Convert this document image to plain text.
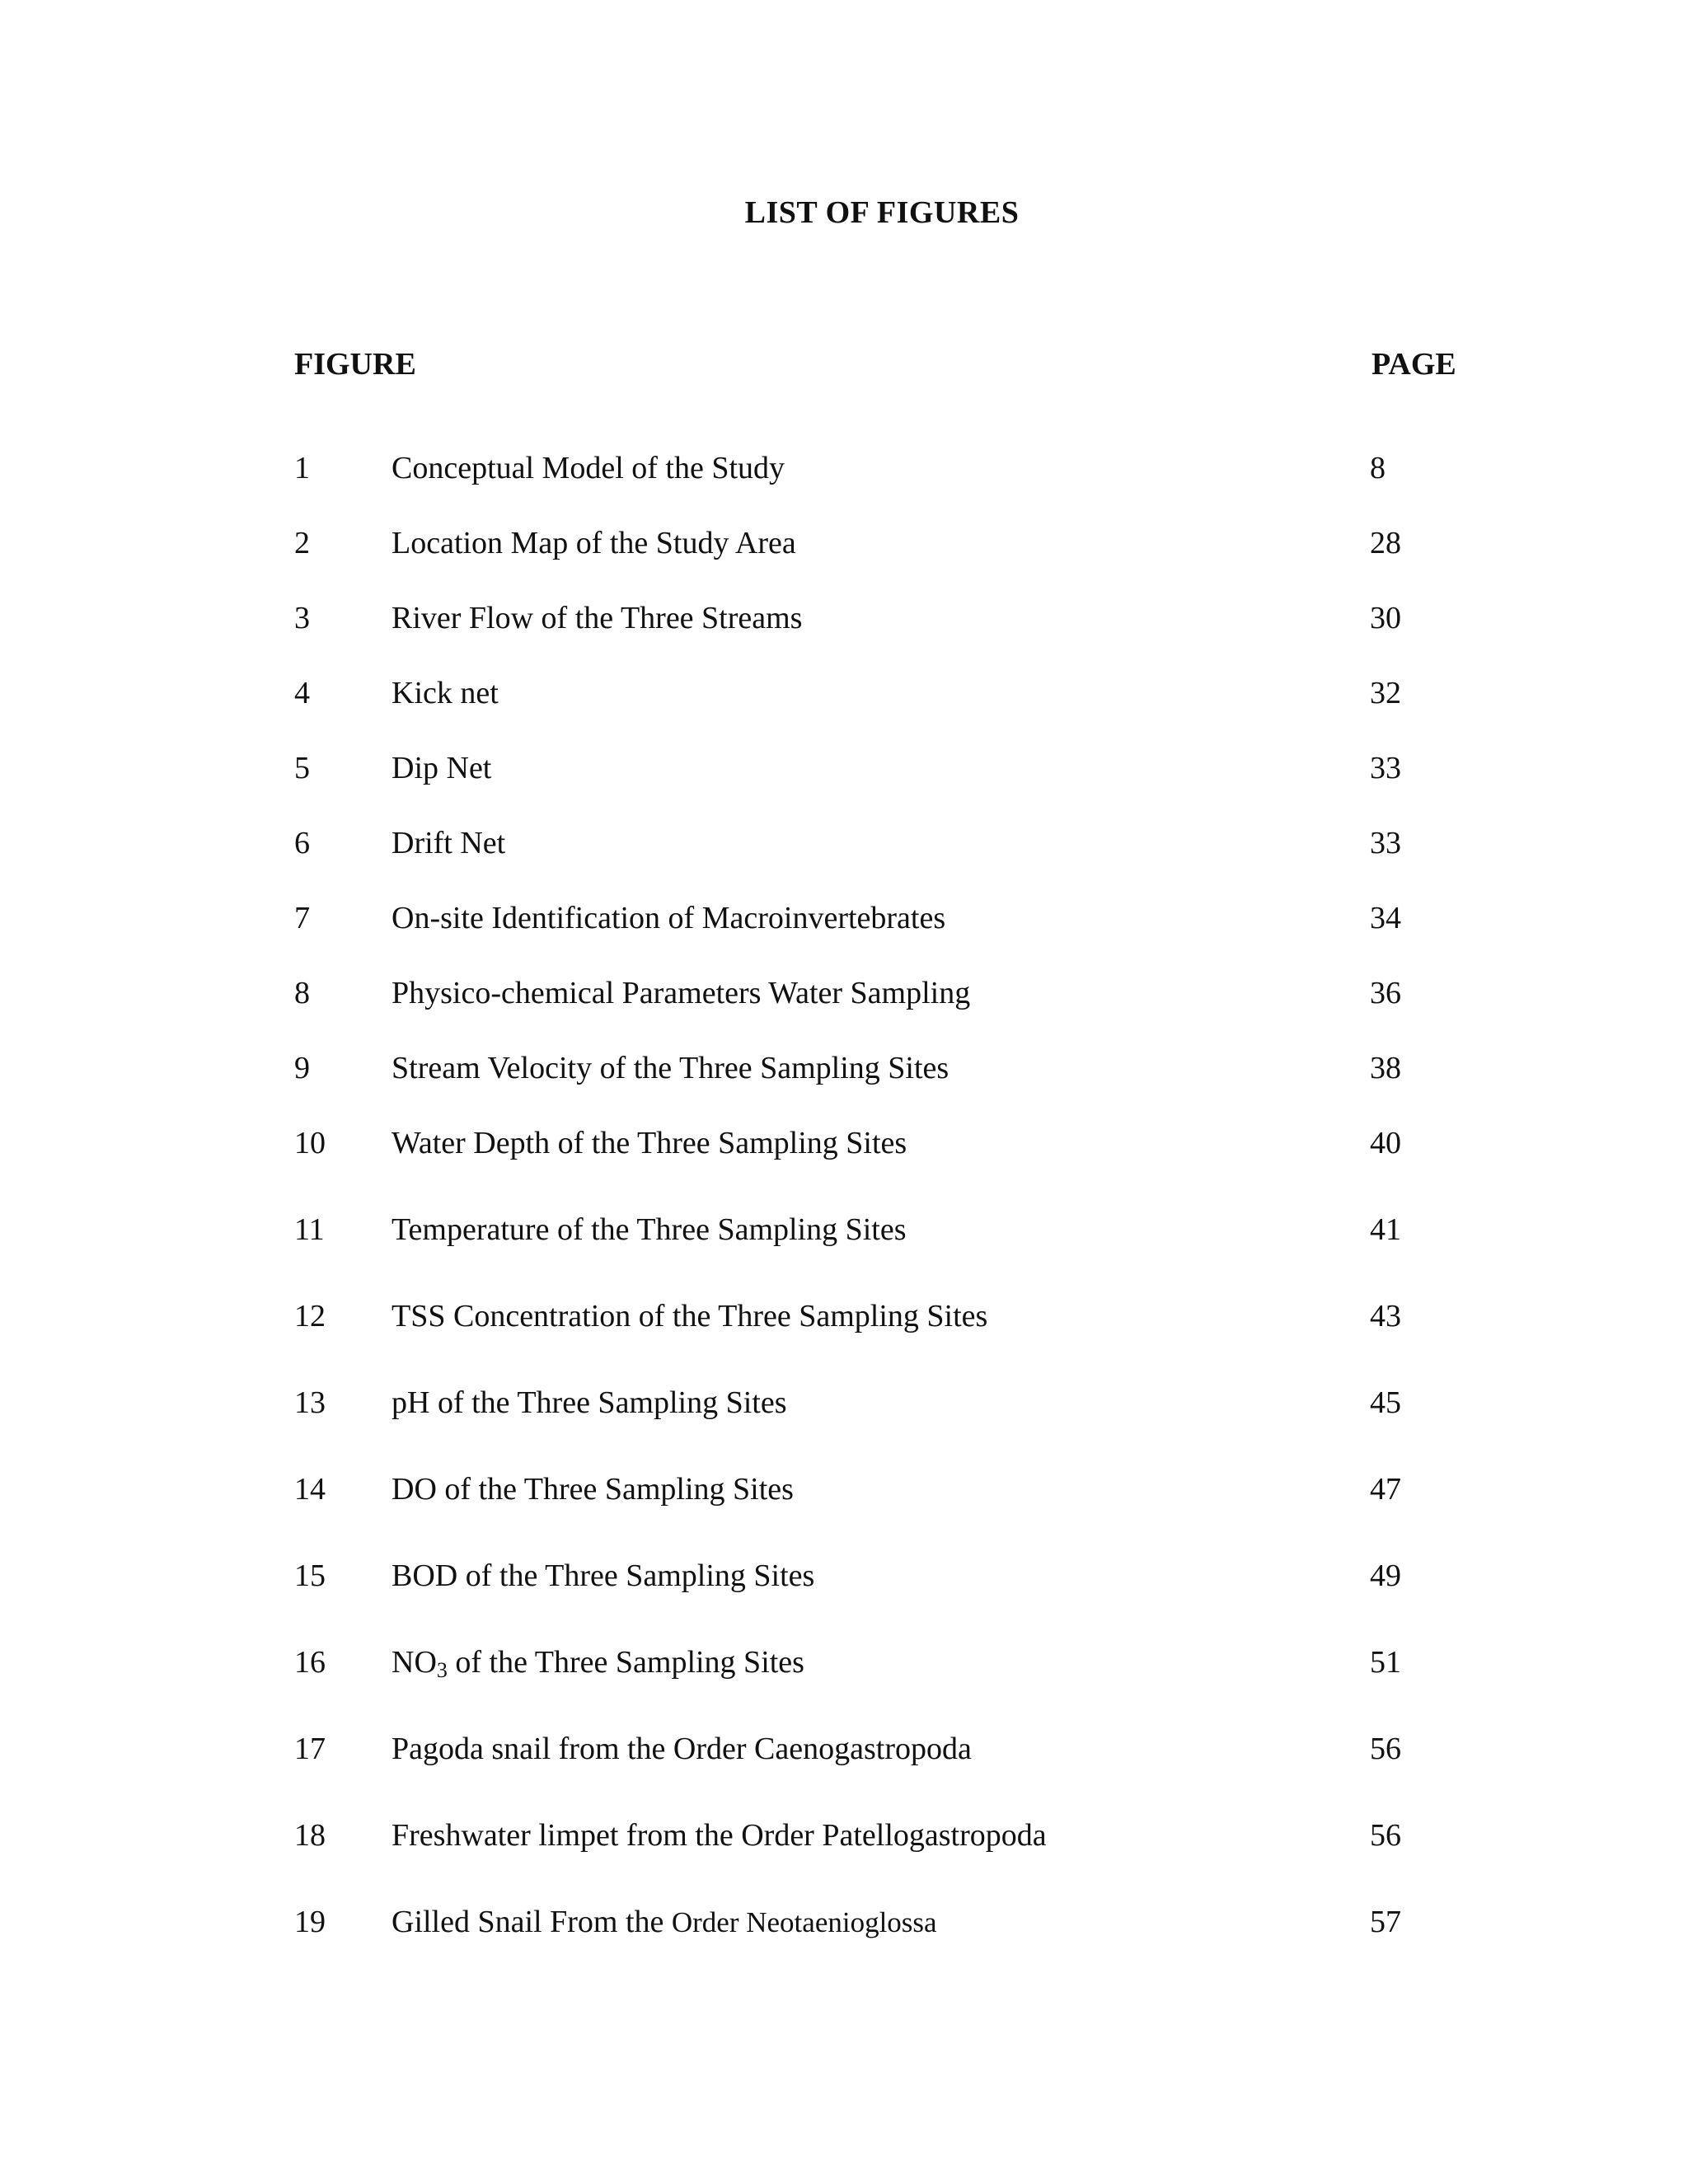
LIST OF FIGURES
FIGURE	PAGE
1	Conceptual Model of the Study	8
2	Location Map of the Study Area	28
3	River Flow of the Three Streams	30
4	Kick net	32
5	Dip Net	33
6	Drift Net	33
7	On-site Identification of Macroinvertebrates	34
8	Physico-chemical Parameters Water Sampling	36
9	Stream Velocity of the Three Sampling Sites	38
10 Water Depth of the Three Sampling Sites	40
11 Temperature of the Three Sampling Sites	41
12 TSS Concentration of the Three Sampling Sites	43
13 pH of the Three Sampling Sites	45
14 DO of the Three Sampling Sites	47
15 BOD of the Three Sampling Sites	49
16 $NO_3$ of the Three Sampling Sites	51
17 Pagoda snail from the Order Caenogastropoda	56
18 Freshwater limpet from the Order Patellogastropoda	56
19 Gilled Snail From the Order Neotaenioglossa	57
